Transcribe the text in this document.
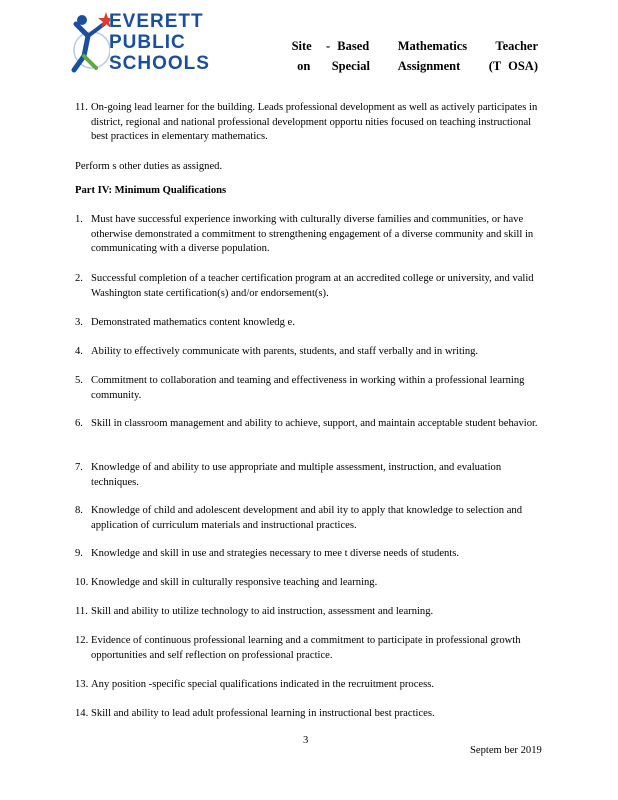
EVERETT
PUBLIC
SCHOOLS
Site  - Based    Mathematics    Teacher
on   Special    Assignment    (T OSA)
11. On-going lead learner for the building. Leads professional development as well as actively participates in district, regional and national professional development opportu nities focused on teaching instructional best practices in elementary mathematics.
Perform s other duties as assigned.
Part IV: Minimum Qualifications
1. Must have successful experience inworking with culturally diverse families and communities, or have otherwise demonstrated a commitment to strengthening engagement of a diverse community and skill in communicating with a diverse population.
2. Successful completion of a teacher certification program at an accredited college or university, and valid Washington state certification(s) and/or endorsement(s).
3. Demonstrated mathematics content knowledg e.
4. Ability to effectively communicate with parents, students, and staff verbally and in writing.
5. Commitment to collaboration and teaming and effectiveness in working within a professional learning community.
6. Skill in classroom management and ability to achieve, support, and maintain acceptable student behavior.
7. Knowledge of and ability to use appropriate and multiple assessment, instruction, and evaluation techniques.
8. Knowledge of child and adolescent development and abil ity to apply that knowledge to selection and application of curriculum materials and instructional practices.
9. Knowledge and skill in use and strategies necessary to mee t diverse needs of students.
10. Knowledge and skill in culturally responsive teaching and learning.
11. Skill and ability to utilize technology to aid instruction, assessment and learning.
12. Evidence of continuous professional learning and a commitment to participate in professional growth opportunities and self reflection on professional practice.
13. Any position -specific special qualifications indicated in the recruitment process.
14. Skill and ability to lead adult professional learning in instructional best practices.
3
Septem ber 2019
